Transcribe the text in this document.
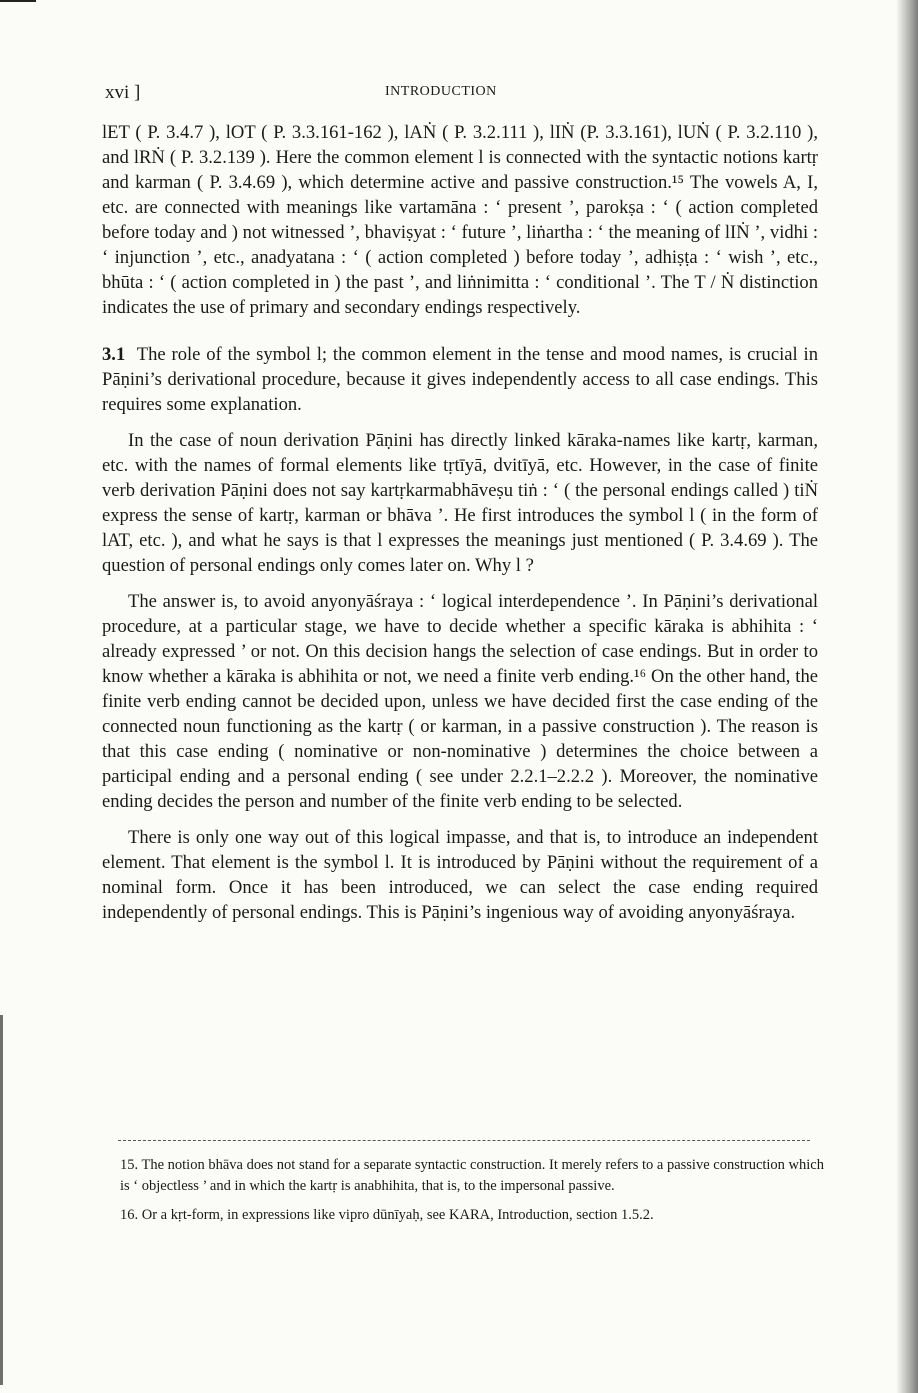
xvi ]	INTRODUCTION

lET ( P. 3.4.7 ), lOT ( P. 3.3.161-162 ), lAṄ ( P. 3.2.111 ), lIṄ (P. 3.3.161), lUṄ ( P. 3.2.110 ), and lRṄ ( P. 3.2.139 ). Here the common element l is connected with the syntactic notions kartṛ and karman ( P. 3.4.69 ), which determine active and passive construction.¹⁵ The vowels A, I, etc. are connected with meanings like vartamāna : ‘ present ’, parokṣa : ‘ ( action completed before today and ) not witnessed ’, bhaviṣyat : ‘ future ’, liṅartha : ‘ the meaning of lIṄ ’, vidhi : ‘ injunction ’, etc., anadyatana : ‘ ( action completed ) before today ’, adhiṣṭa : ‘ wish ’, etc., bhūta : ‘ ( action completed in ) the past ’, and liṅnimitta : ‘ conditional ’. The T / Ṅ distinction indicates the use of primary and secondary endings respectively.

3.1 The role of the symbol l; the common element in the tense and mood names, is crucial in Pāṇini’s derivational procedure, because it gives independently access to all case endings. This requires some explanation.

In the case of noun derivation Pāṇini has directly linked kāraka-names like kartṛ, karman, etc. with the names of formal elements like tṛtīyā, dvitīyā, etc. However, in the case of finite verb derivation Pāṇini does not say kartṛkarmabhāveṣu tiṅ : ‘ ( the personal endings called ) tiṄ express the sense of kartṛ, karman or bhāva ’. He first introduces the symbol l ( in the form of lAT, etc. ), and what he says is that l expresses the meanings just mentioned ( P. 3.4.69 ). The question of personal endings only comes later on. Why l ?

The answer is, to avoid anyonyāśraya : ‘ logical interdependence ’. In Pāṇini’s derivational procedure, at a particular stage, we have to decide whether a specific kāraka is abhihita : ‘ already expressed ’ or not. On this decision hangs the selection of case endings. But in order to know whether a kāraka is abhihita or not, we need a finite verb ending.¹⁶ On the other hand, the finite verb ending cannot be decided upon, unless we have decided first the case ending of the connected noun functioning as the kartṛ ( or karman, in a passive construction ). The reason is that this case ending ( nominative or non-nominative ) determines the choice between a participal ending and a personal ending ( see under 2.2.1–2.2.2 ). Moreover, the nominative ending decides the person and number of the finite verb ending to be selected.

There is only one way out of this logical impasse, and that is, to introduce an independent element. That element is the symbol l. It is introduced by Pāṇini without the requirement of a nominal form. Once it has been introduced, we can select the case ending required independently of personal endings. This is Pāṇini’s ingenious way of avoiding anyonyāśraya.

15. The notion bhāva does not stand for a separate syntactic construction. It merely refers to a passive construction which is ‘ objectless ’ and in which the kartṛ is anabhihita, that is, to the impersonal passive.

16. Or a kṛt-form, in expressions like vipro dūnīyaḥ, see KARA, Introduction, section 1.5.2.
